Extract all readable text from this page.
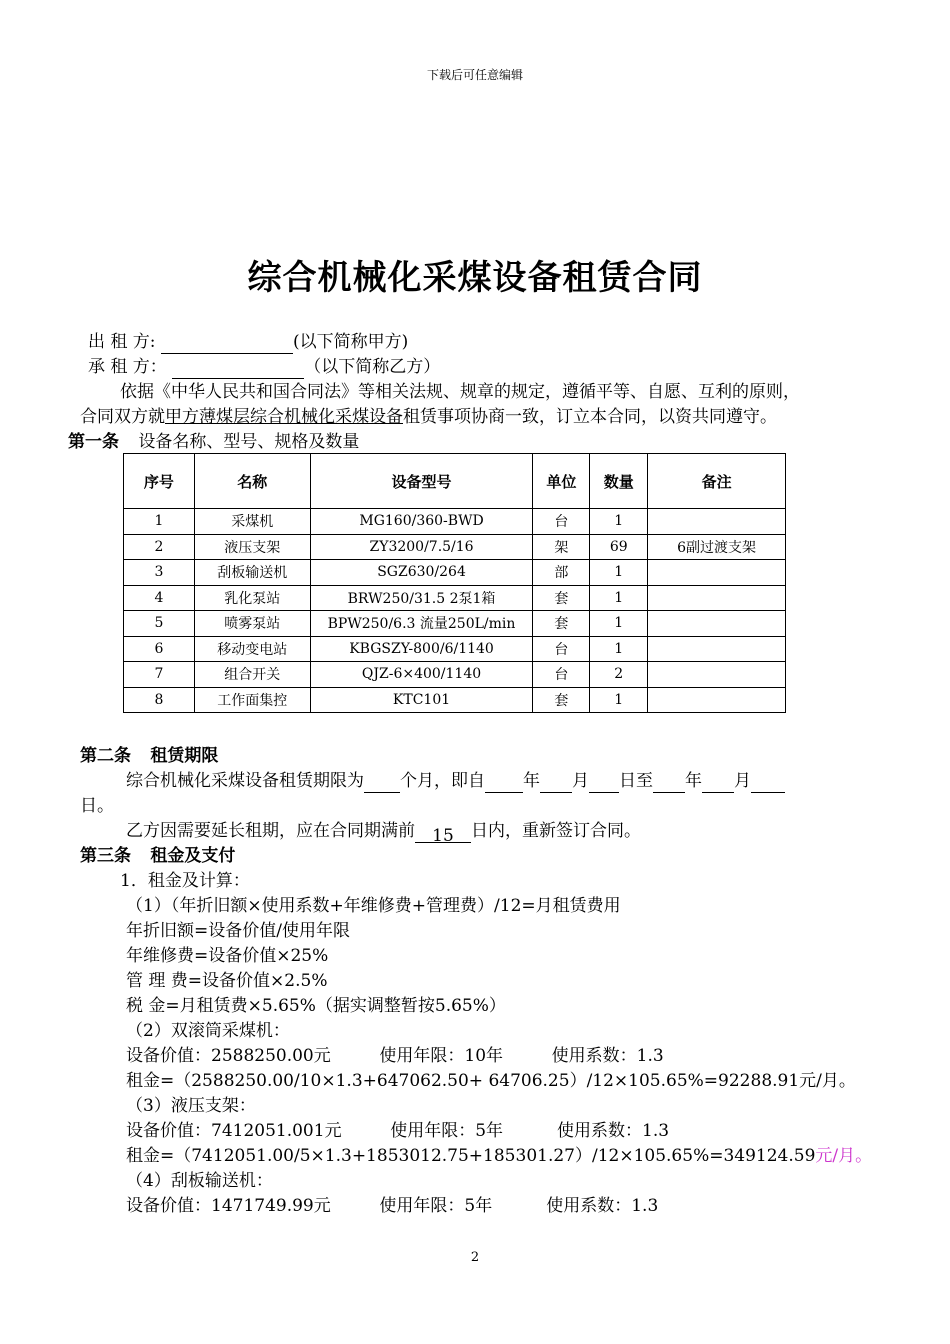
下载后可任意编辑
综合机械化采煤设备租赁合同
出 租 方:	(以下简称甲方)
承 租 方：	（以下简称乙方）
依据《中华人民共和国合同法》等相关法规、规章的规定，遵循平等、自愿、互利的原则，
合同双方就甲方薄煤层综合机械化采煤设备租赁事项协商一致，订立本合同，以资共同遵守。
第一条 设备名称、型号、规格及数量
序号	名称	设备型号	单位	数量	备注
1	采煤机	MG160/360-BWD	台	1	
2	液压支架	ZY3200/7.5/16	架	69	6副过渡支架
3	刮板输送机	SGZ630/264	部	1	
4	乳化泵站	BRW250/31.5 2泵1箱	套	1	
5	喷雾泵站	BPW250/6.3 流量250L/min	套	1	
6	移动变电站	KBGSZY-800/6/1140	台	1	
7	组合开关	QJZ-6×400/1140	台	2	
8	工作面集控	KTC101	套	1	
第二条 租赁期限
综合机械化采煤设备租赁期限为 个月，即自 年 月 日至 年 月
日。
乙方因需要延长租期，应在合同期满前 15 日内，重新签订合同。
第三条 租金及支付
1．租金及计算：
（1）（年折旧额×使用系数+年维修费+管理费）/12=月租赁费用
年折旧额=设备价值/使用年限
年维修费=设备价值×25%
管 理 费=设备价值×2.5%
税 金=月租赁费×5.65%（据实调整暂按5.65%）
（2）双滚筒采煤机：
设备价值：2588250.00元         使用年限：10年         使用系数：1.3
租金=（2588250.00/10×1.3+647062.50+ 64706.25）/12×105.65%=92288.91元/月。
（3）液压支架：
设备价值：7412051.001元         使用年限：5年          使用系数：1.3
租金=（7412051.00/5×1.3+1853012.75+185301.27）/12×105.65%=349124.59元/月。
（4）刮板输送机：
设备价值：1471749.99元         使用年限：5年          使用系数：1.3
2
